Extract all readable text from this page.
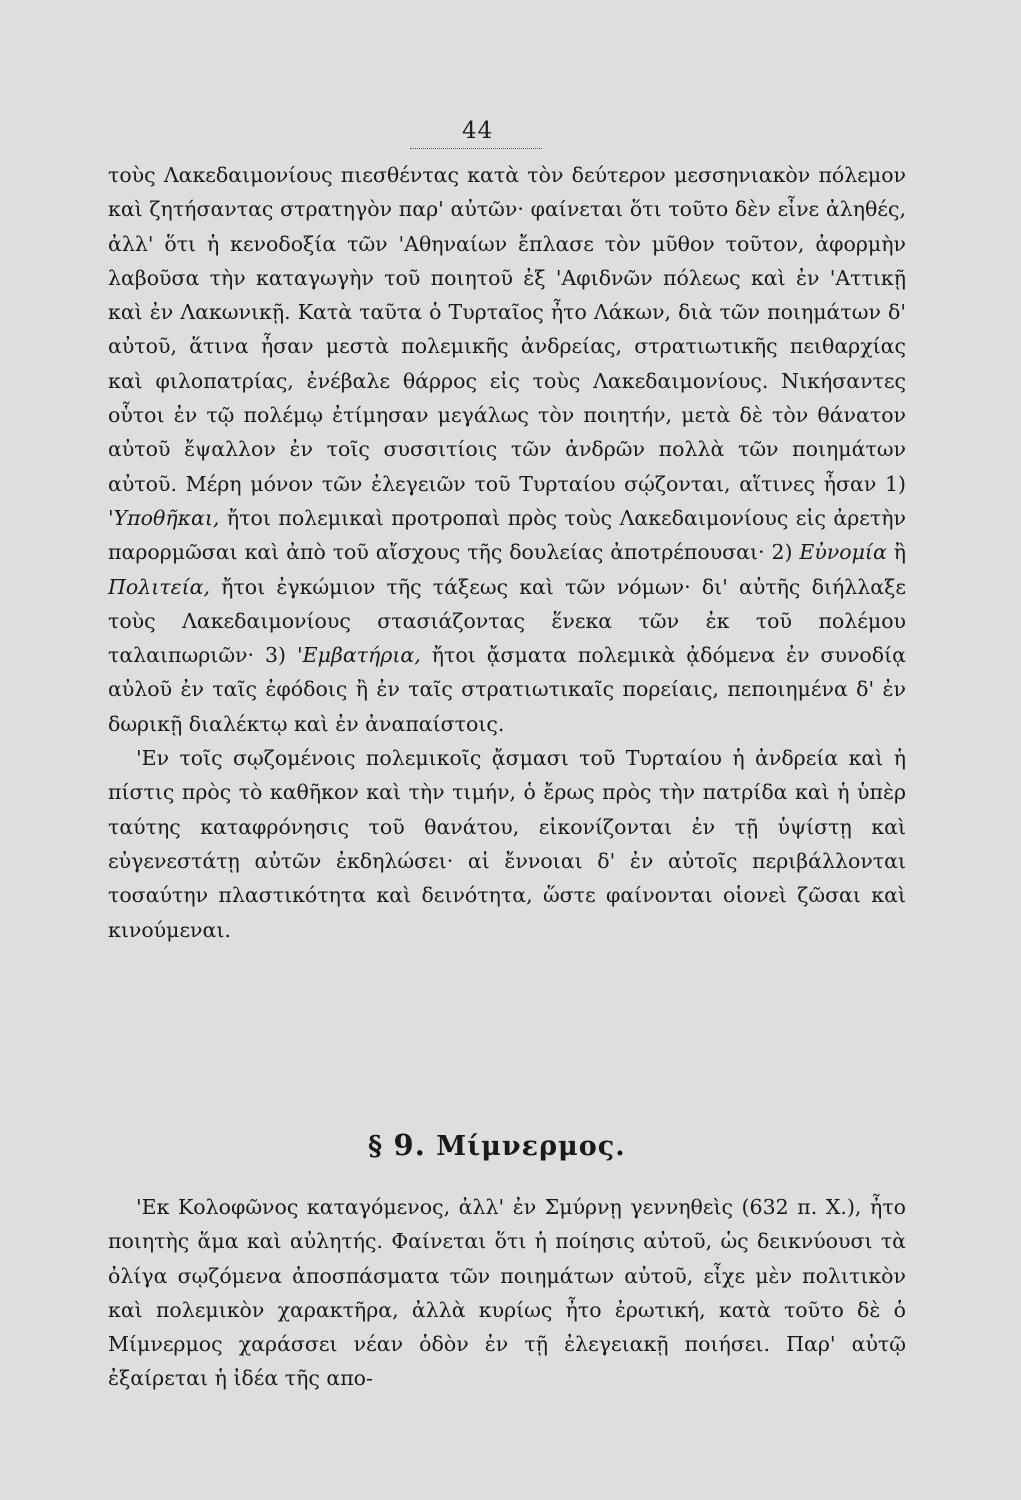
44

τοὺς Λακεδαιμονίους πιεσθέντας κατὰ τὸν δεύτερον μεσσηνιακὸν πόλεμον καὶ ζητήσαντας στρατηγὸν παρ' αὐτῶν· φαίνεται ὅτι τοῦτο δὲν εἶνε ἀληθές, ἀλλ' ὅτι ἡ κενοδοξία τῶν 'Αθηναίων ἔπλασε τὸν μῦθον τοῦτον, ἀφορμὴν λαβοῦσα τὴν καταγωγὴν τοῦ ποιητοῦ ἐξ 'Αφιδνῶν πόλεως καὶ ἐν 'Αττικῇ καὶ ἐν Λακωνικῇ. Κατὰ ταῦτα ὁ Τυρταῖος ἦτο Λάκων, διὰ τῶν ποιημάτων δ' αὐτοῦ, ἅτινα ἦσαν μεστὰ πολεμικῆς ἀνδρείας, στρατιωτικῆς πειθαρχίας καὶ φιλοπατρίας, ἐνέβαλε θάρρος εἰς τοὺς Λακεδαιμονίους. Νικήσαντες οὗτοι ἐν τῷ πολέμῳ ἐτίμησαν μεγάλως τὸν ποιητήν, μετὰ δὲ τὸν θάνατον αὐτοῦ ἔψαλλον ἐν τοῖς συσσιτίοις τῶν ἀνδρῶν πολλὰ τῶν ποιημάτων αὐτοῦ. Μέρη μόνον τῶν ἐλεγειῶν τοῦ Τυρταίου σῴζονται, αἵτινες ἦσαν 1) 'Υποθῆκαι, ἤτοι πολεμικαὶ προτροπαὶ πρὸς τοὺς Λακεδαιμονίους εἰς ἀρετὴν παρορμῶσαι καὶ ἀπὸ τοῦ αἴσχους τῆς δουλείας ἀποτρέπουσαι· 2) Εὐνομία ἢ Πολιτεία, ἤτοι ἐγκώμιον τῆς τάξεως καὶ τῶν νόμων· δι' αὐτῆς διήλλαξε τοὺς Λακεδαιμονίους στασιάζοντας ἕνεκα τῶν ἐκ τοῦ πολέμου ταλαιπωριῶν· 3) 'Εμβατήρια, ἤτοι ᾄσματα πολεμικὰ ᾀδόμενα ἐν συνοδίᾳ αὐλοῦ ἐν ταῖς ἐφόδοις ἢ ἐν ταῖς στρατιωτικαῖς πορείαις, πεποιημένα δ' ἐν δωρικῇ διαλέκτῳ καὶ ἐν ἀναπαίστοις.

'Εν τοῖς σῳζομένοις πολεμικοῖς ᾄσμασι τοῦ Τυρταίου ἡ ἀνδρεία καὶ ἡ πίστις πρὸς τὸ καθῆκον καὶ τὴν τιμήν, ὁ ἔρως πρὸς τὴν πατρίδα καὶ ἡ ὑπὲρ ταύτης καταφρόνησις τοῦ θανάτου, εἰκονίζονται ἐν τῇ ὑψίστῃ καὶ εὐγενεστάτῃ αὐτῶν ἐκδηλώσει· αἱ ἔννοιαι δ' ἐν αὐτοῖς περιβάλλονται τοσαύτην πλαστικότητα καὶ δεινότητα, ὥστε φαίνονται οἱονεὶ ζῶσαι καὶ κινούμεναι.

§ 9. Μίμνερμος.

'Εκ Κολοφῶνος καταγόμενος, ἀλλ' ἐν Σμύρνῃ γεννηθεὶς (632 π. Χ.), ἦτο ποιητὴς ἅμα καὶ αὐλητής. Φαίνεται ὅτι ἡ ποίησις αὐτοῦ, ὡς δεικνύουσι τὰ ὀλίγα σῳζόμενα ἀποσπάσματα τῶν ποιημάτων αὐτοῦ, εἶχε μὲν πολιτικὸν καὶ πολεμικὸν χαρακτῆρα, ἀλλὰ κυρίως ἦτο ἐρωτική, κατὰ τοῦτο δὲ ὁ Μίμνερμος χαράσσει νέαν ὁδὸν ἐν τῇ ἐλεγειακῇ ποιήσει. Παρ' αὐτῷ ἐξαίρεται ἡ ἰδέα τῆς απο-
